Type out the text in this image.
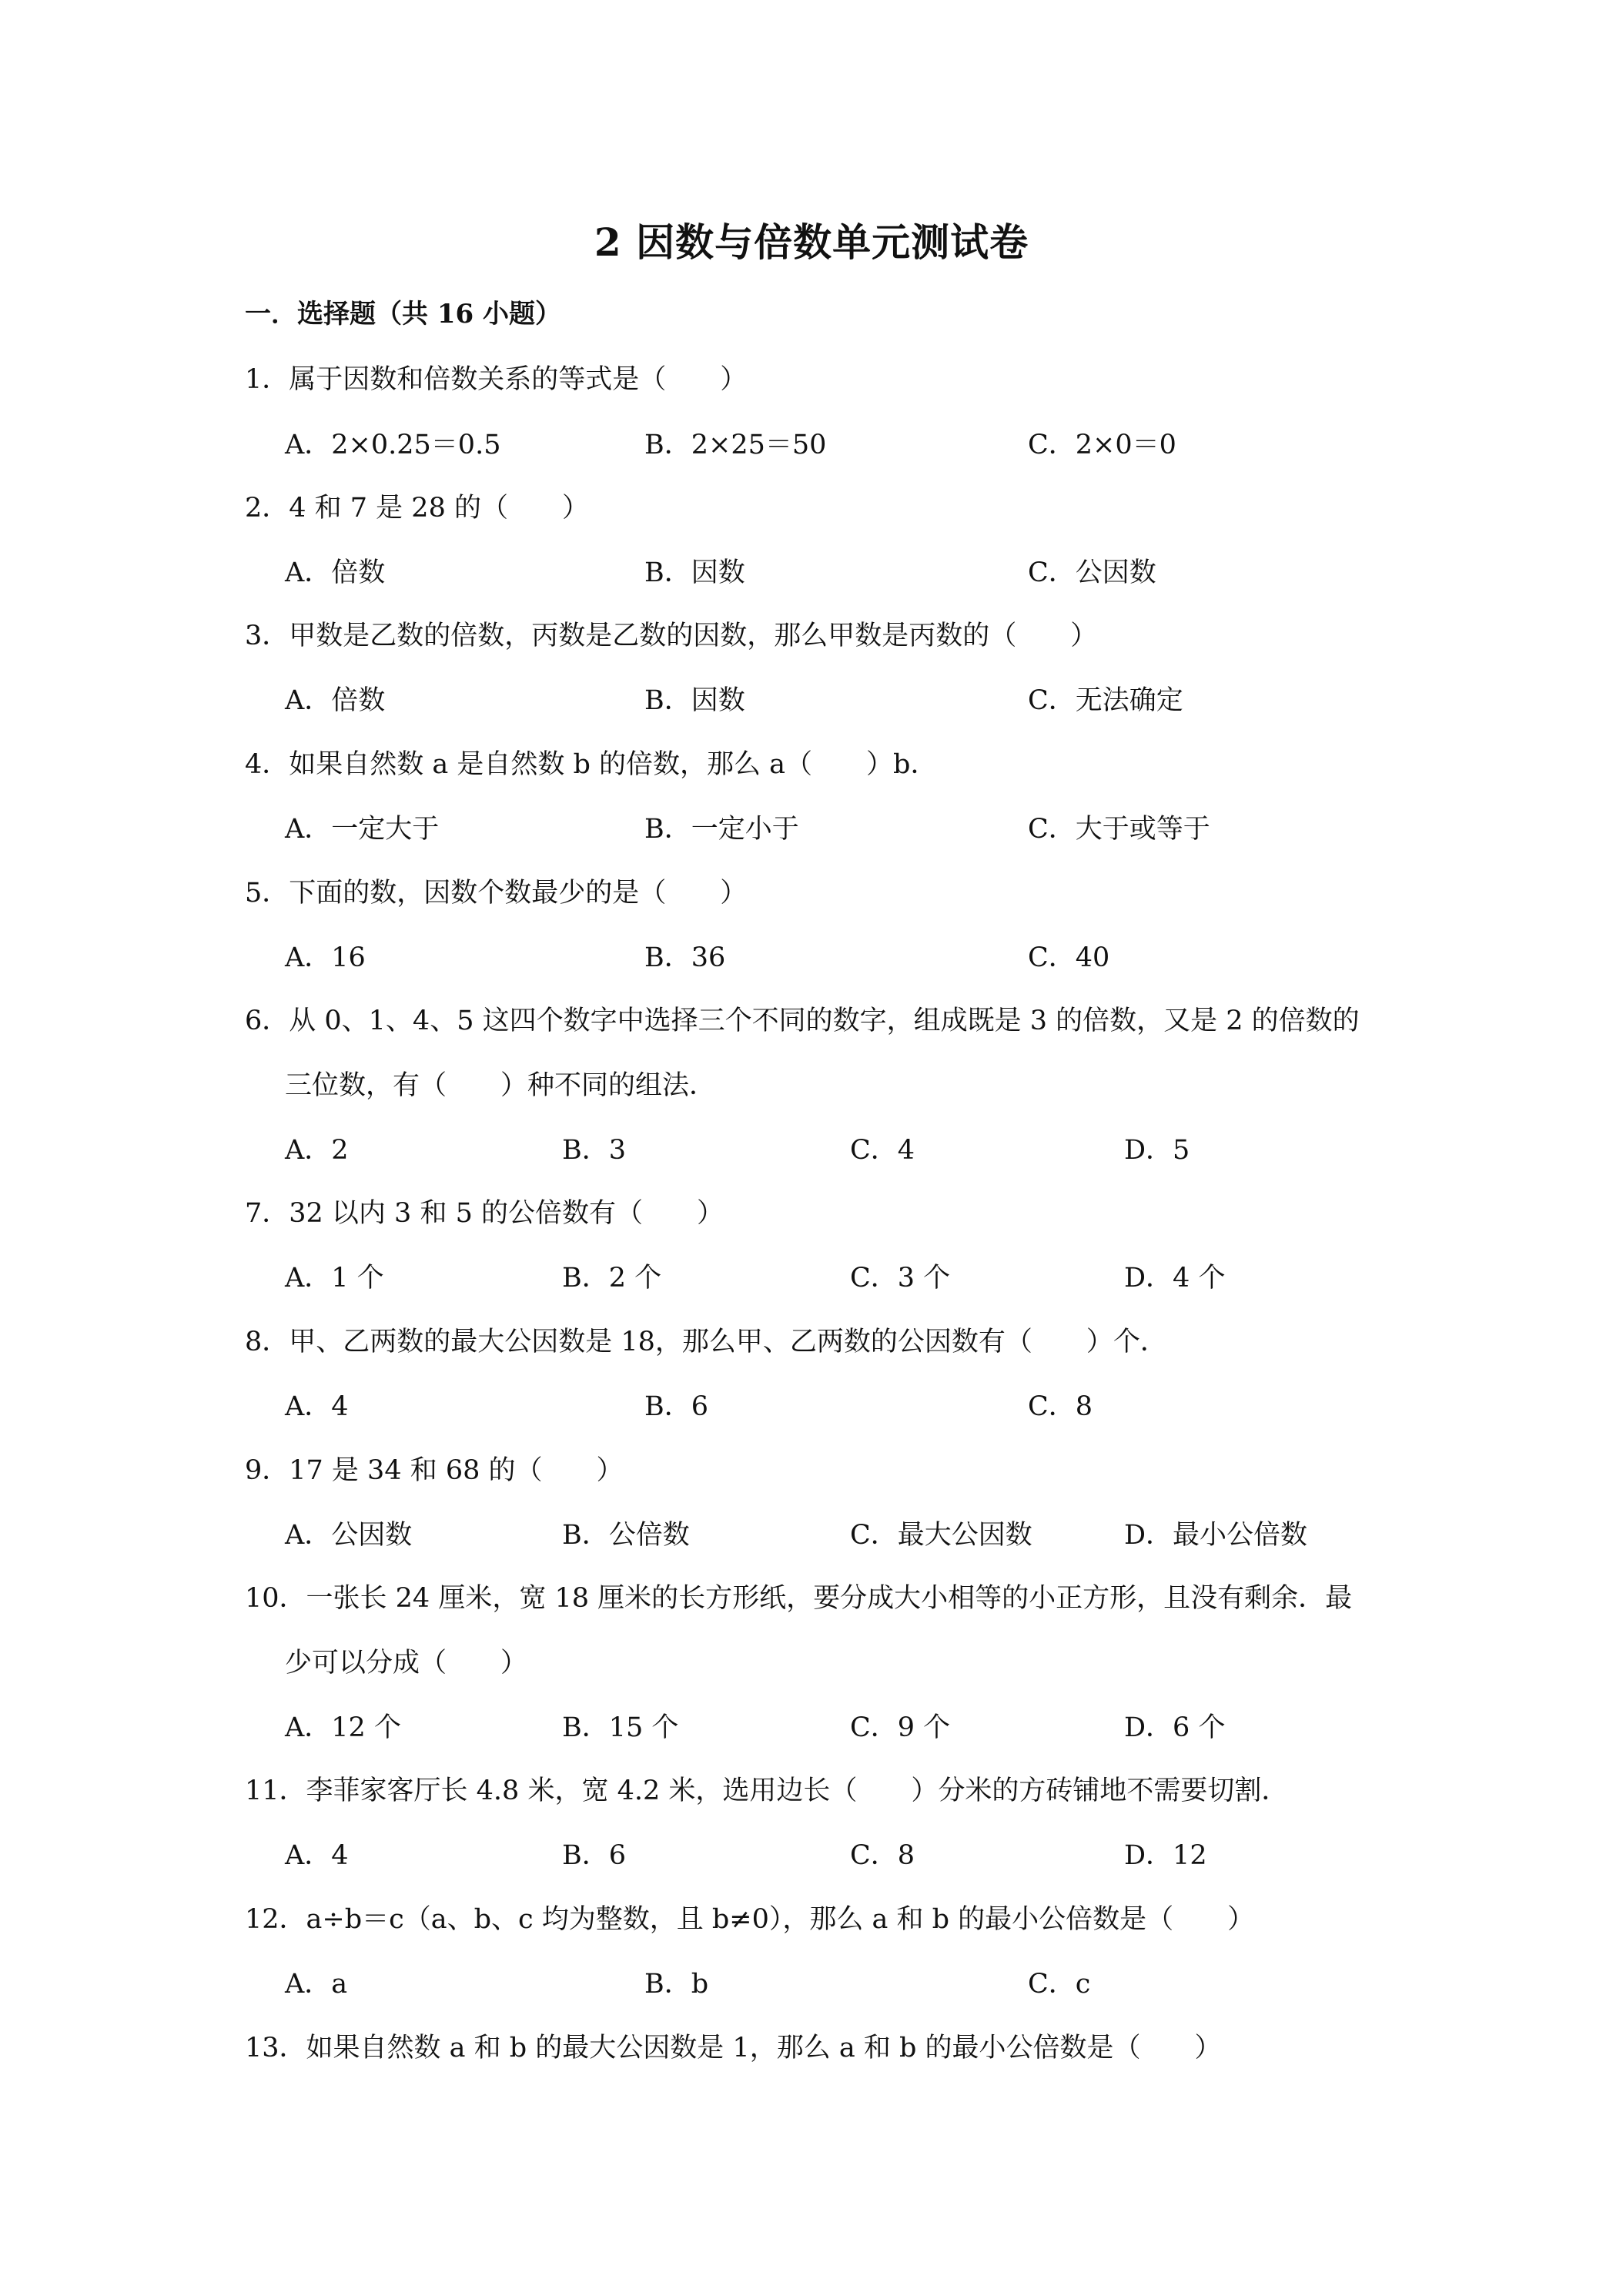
2 因数与倍数单元测试卷
一．选择题（共 16 小题）
1．属于因数和倍数关系的等式是（　　）
A．2×0.25＝0.5	B．2×25＝50	C．2×0＝0
2．4 和 7 是 28 的（　　）
A．倍数	B．因数	C．公因数
3．甲数是乙数的倍数，丙数是乙数的因数，那么甲数是丙数的（　　）
A．倍数	B．因数	C．无法确定
4．如果自然数 a 是自然数 b 的倍数，那么 a（　　）b．
A．一定大于	B．一定小于	C．大于或等于
5．下面的数，因数个数最少的是（　　）
A．16	B．36	C．40
6．从 0、1、4、5 这四个数字中选择三个不同的数字，组成既是 3 的倍数，又是 2 的倍数的
三位数，有（　　）种不同的组法．
A．2	B．3	C．4	D．5
7．32 以内 3 和 5 的公倍数有（　　）
A．1 个	B．2 个	C．3 个	D．4 个
8．甲、乙两数的最大公因数是 18，那么甲、乙两数的公因数有（　　）个．
A．4	B．6	C．8
9．17 是 34 和 68 的（　　）
A．公因数	B．公倍数	C．最大公因数	D．最小公倍数
10．一张长 24 厘米，宽 18 厘米的长方形纸，要分成大小相等的小正方形，且没有剩余．最
少可以分成（　　）
A．12 个	B．15 个	C．9 个	D．6 个
11．李菲家客厅长 4.8 米，宽 4.2 米，选用边长（　　）分米的方砖铺地不需要切割．
A．4	B．6	C．8	D．12
12．a÷b＝c（a、b、c 均为整数，且 b≠0），那么 a 和 b 的最小公倍数是（　　）
A．a	B．b	C．c
13．如果自然数 a 和 b 的最大公因数是 1，那么 a 和 b 的最小公倍数是（　　）
